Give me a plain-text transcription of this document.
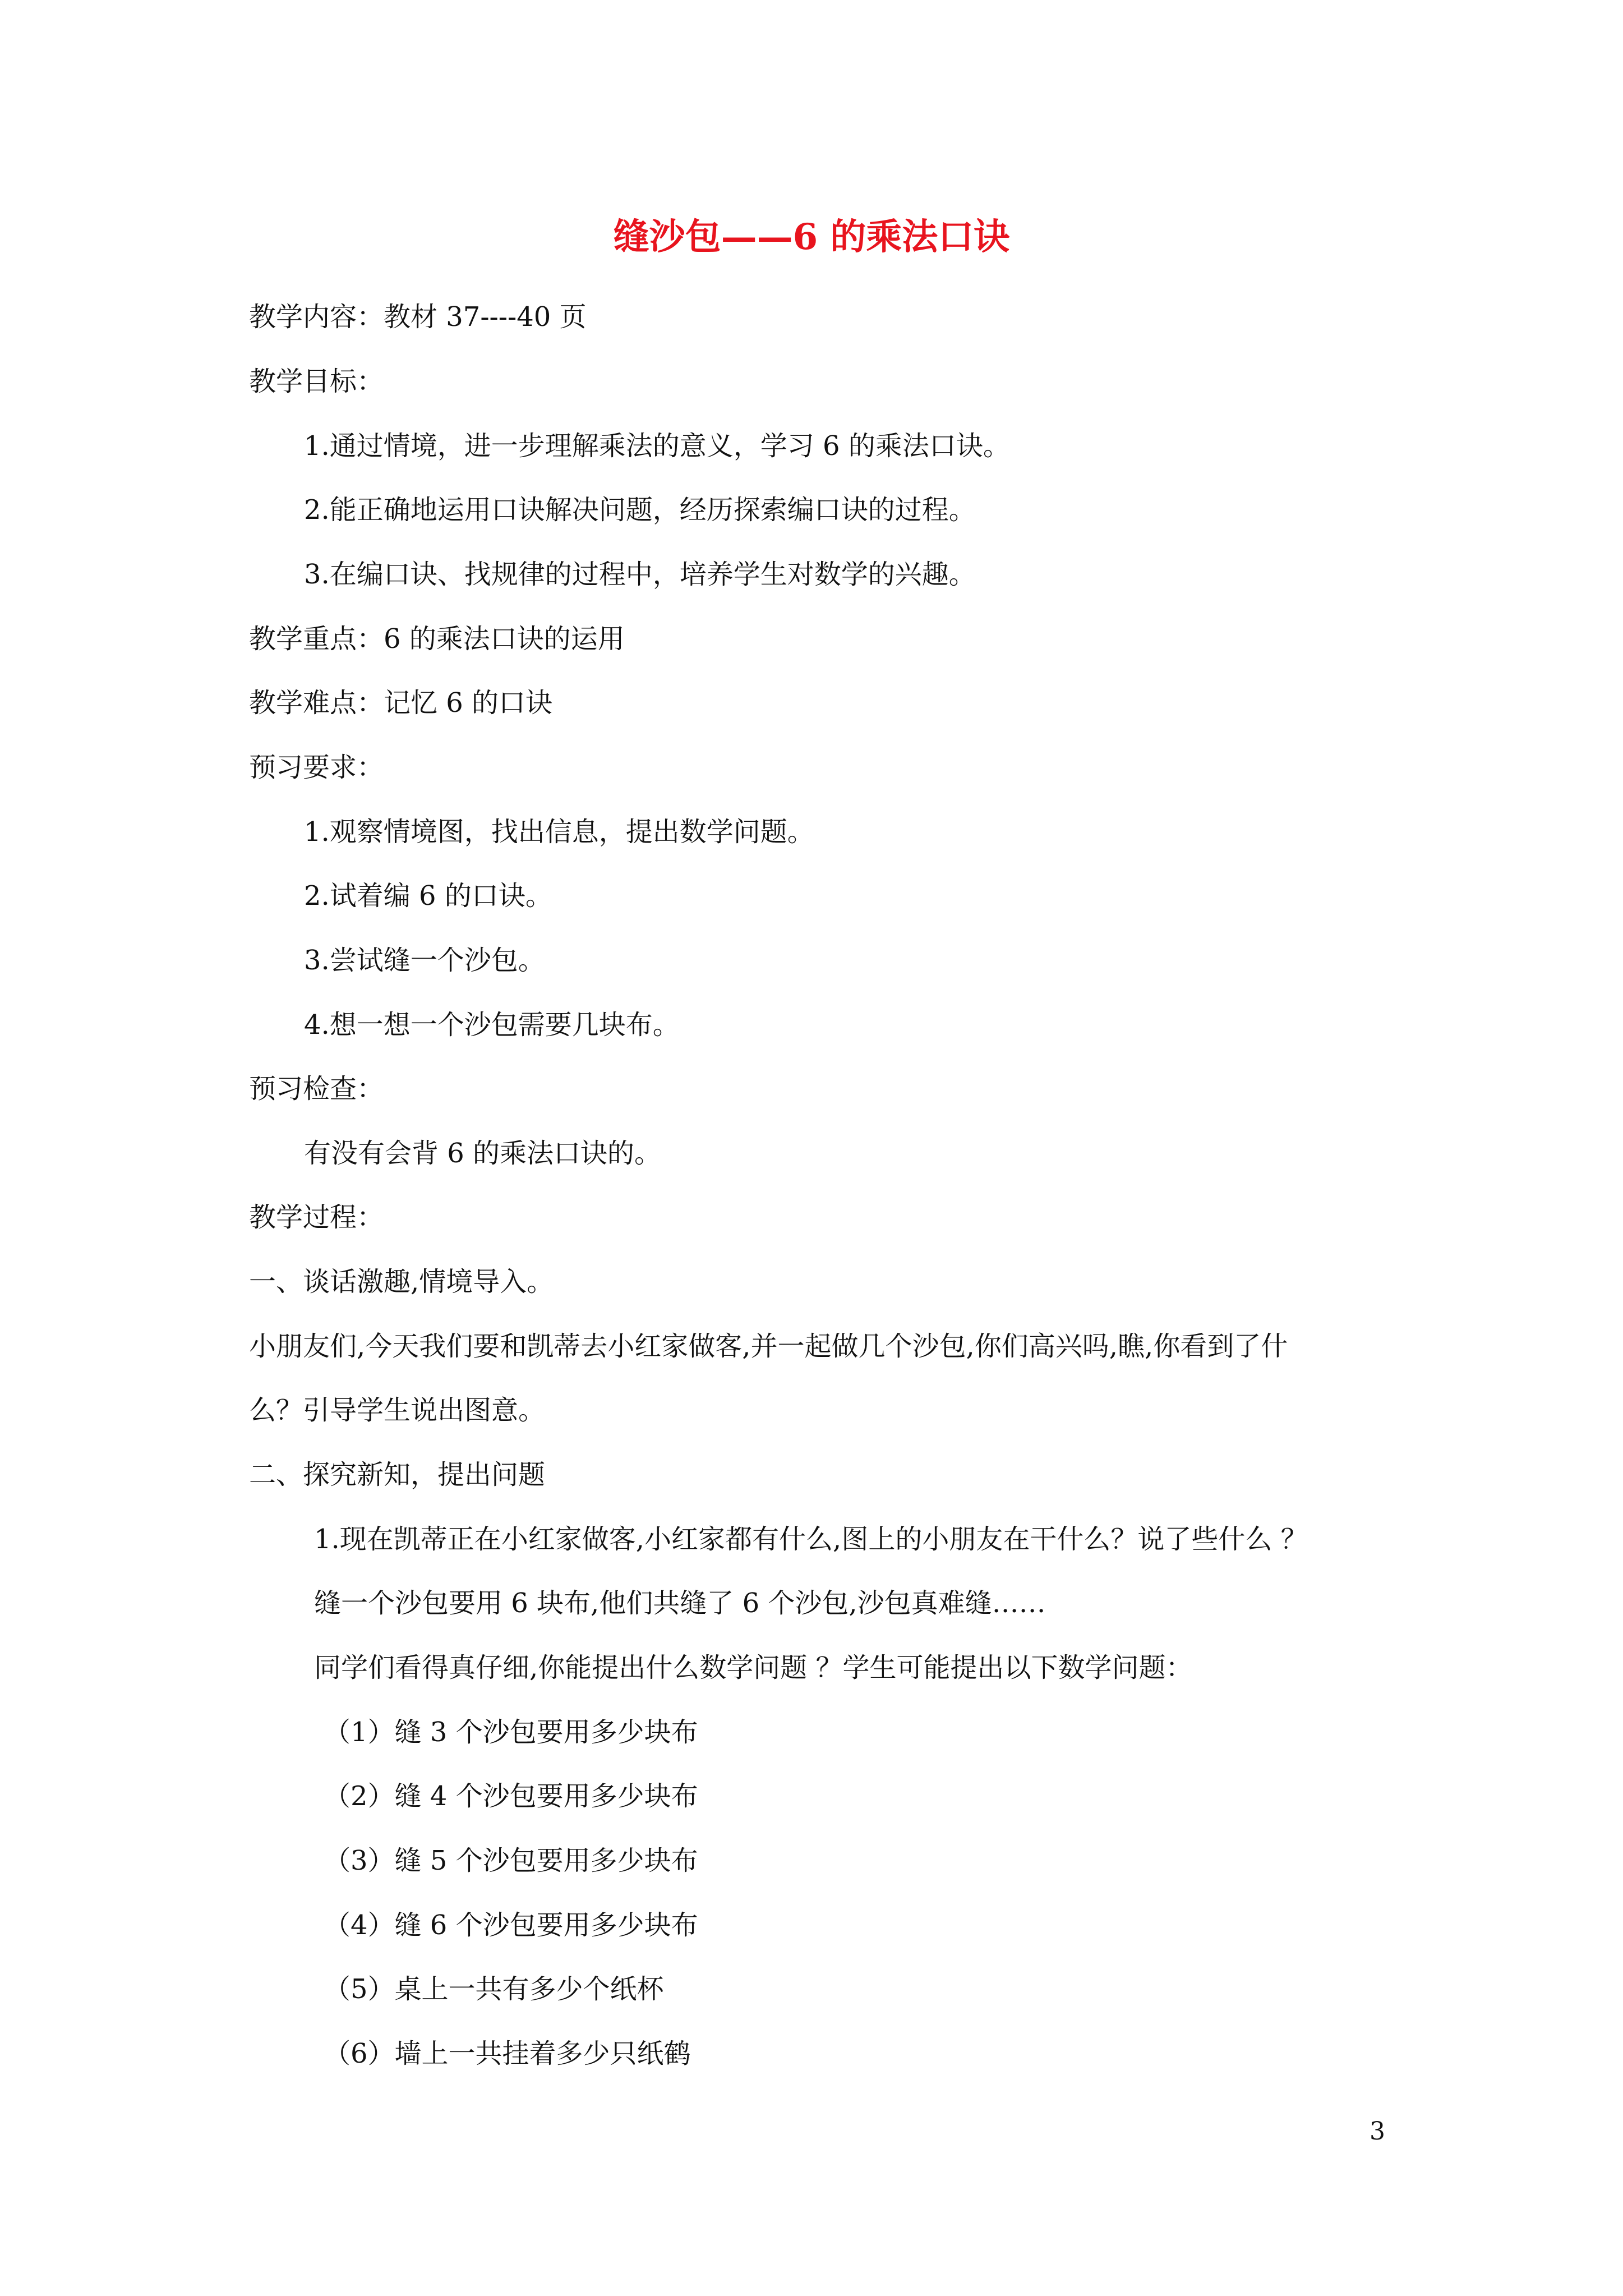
缝沙包——6 的乘法口诀
教学内容：教材 37----40 页
教学目标：
1.通过情境，进一步理解乘法的意义，学习 6 的乘法口诀。
2.能正确地运用口诀解决问题，经历探索编口诀的过程。
3.在编口诀、找规律的过程中，培养学生对数学的兴趣。
教学重点：6 的乘法口诀的运用
教学难点：记忆 6 的口诀
预习要求：
1.观察情境图，找出信息，提出数学问题。
2.试着编 6 的口诀。
3.尝试缝一个沙包。
4.想一想一个沙包需要几块布。
预习检查：
有没有会背 6 的乘法口诀的。
教学过程：
一、谈话激趣,情境导入。
小朋友们,今天我们要和凯蒂去小红家做客,并一起做几个沙包,你们高兴吗,瞧,你看到了什
么？引导学生说出图意。
二、探究新知，提出问题
1.现在凯蒂正在小红家做客,小红家都有什么,图上的小朋友在干什么？说了些什么 ？
缝一个沙包要用 6 块布,他们共缝了 6 个沙包,沙包真难缝……
同学们看得真仔细,你能提出什么数学问题 ？学生可能提出以下数学问题：
（1）缝 3 个沙包要用多少块布
（2）缝 4 个沙包要用多少块布
（3）缝 5 个沙包要用多少块布
（4）缝 6 个沙包要用多少块布
（5）桌上一共有多少个纸杯
（6）墙上一共挂着多少只纸鹤
3
